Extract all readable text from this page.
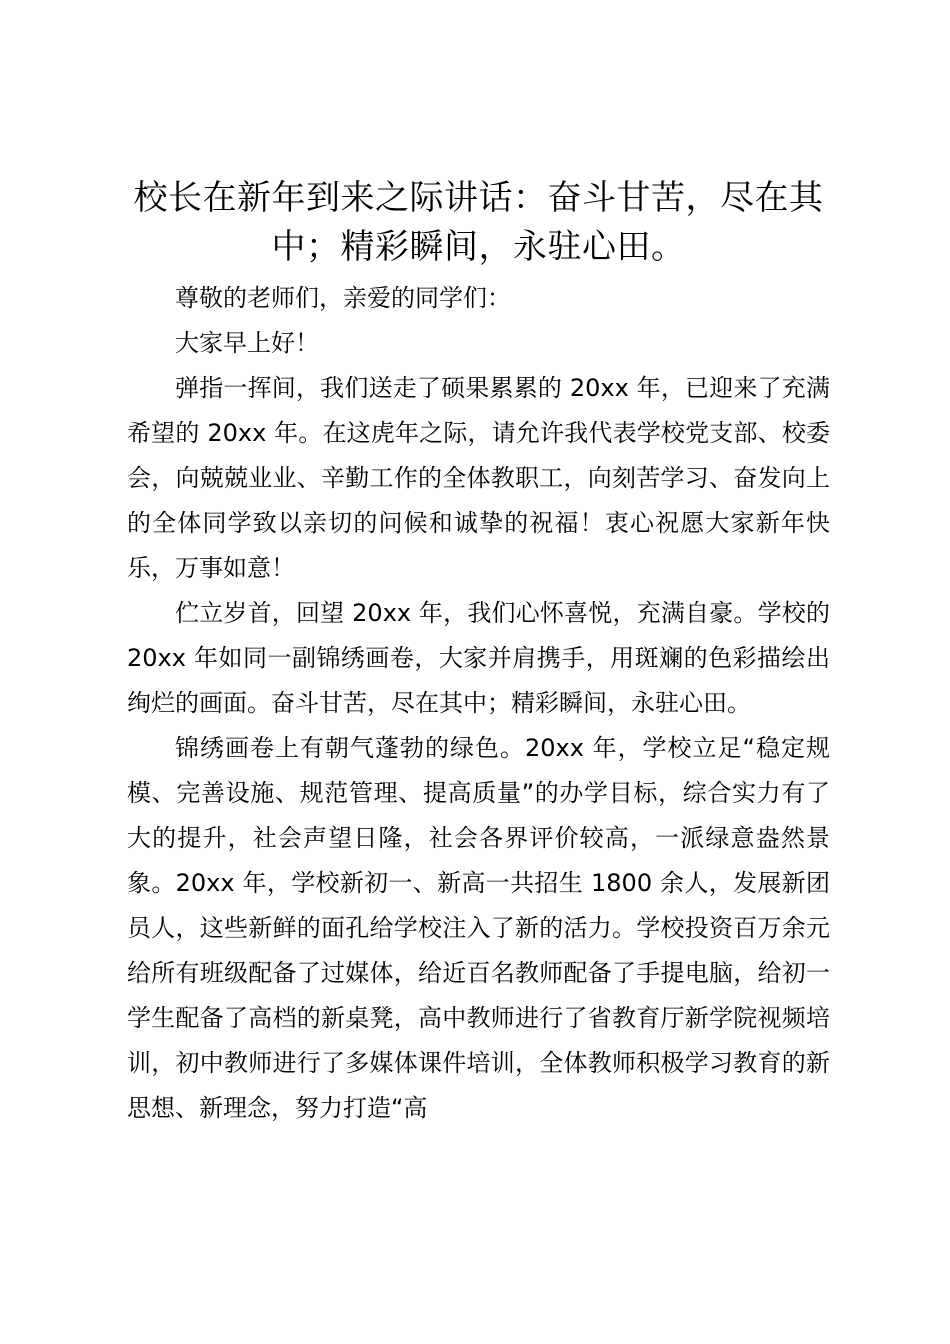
校长在新年到来之际讲话：奋斗甘苦，尽在其中；精彩瞬间，永驻心田。

尊敬的老师们，亲爱的同学们：

大家早上好！

弹指一挥间，我们送走了硕果累累的 20xx 年，已迎来了充满希望的 20xx 年。在这虎年之际，请允许我代表学校党支部、校委会，向兢兢业业、辛勤工作的全体教职工，向刻苦学习、奋发向上的全体同学致以亲切的问候和诚挚的祝福！衷心祝愿大家新年快乐，万事如意！

伫立岁首，回望 20xx 年，我们心怀喜悦，充满自豪。学校的 20xx 年如同一副锦绣画卷，大家并肩携手，用斑斓的色彩描绘出绚烂的画面。奋斗甘苦，尽在其中；精彩瞬间，永驻心田。

锦绣画卷上有朝气蓬勃的绿色。20xx 年，学校立足“稳定规模、完善设施、规范管理、提高质量”的办学目标，综合实力有了大的提升，社会声望日隆，社会各界评价较高，一派绿意盎然景象。20xx 年，学校新初一、新高一共招生 1800 余人，发展新团员人，这些新鲜的面孔给学校注入了新的活力。学校投资百万余元给所有班级配备了过媒体，给近百名教师配备了手提电脑，给初一学生配备了高档的新桌凳，高中教师进行了省教育厅新学院视频培训，初中教师进行了多媒体课件培训，全体教师积极学习教育的新思想、新理念，努力打造“高
